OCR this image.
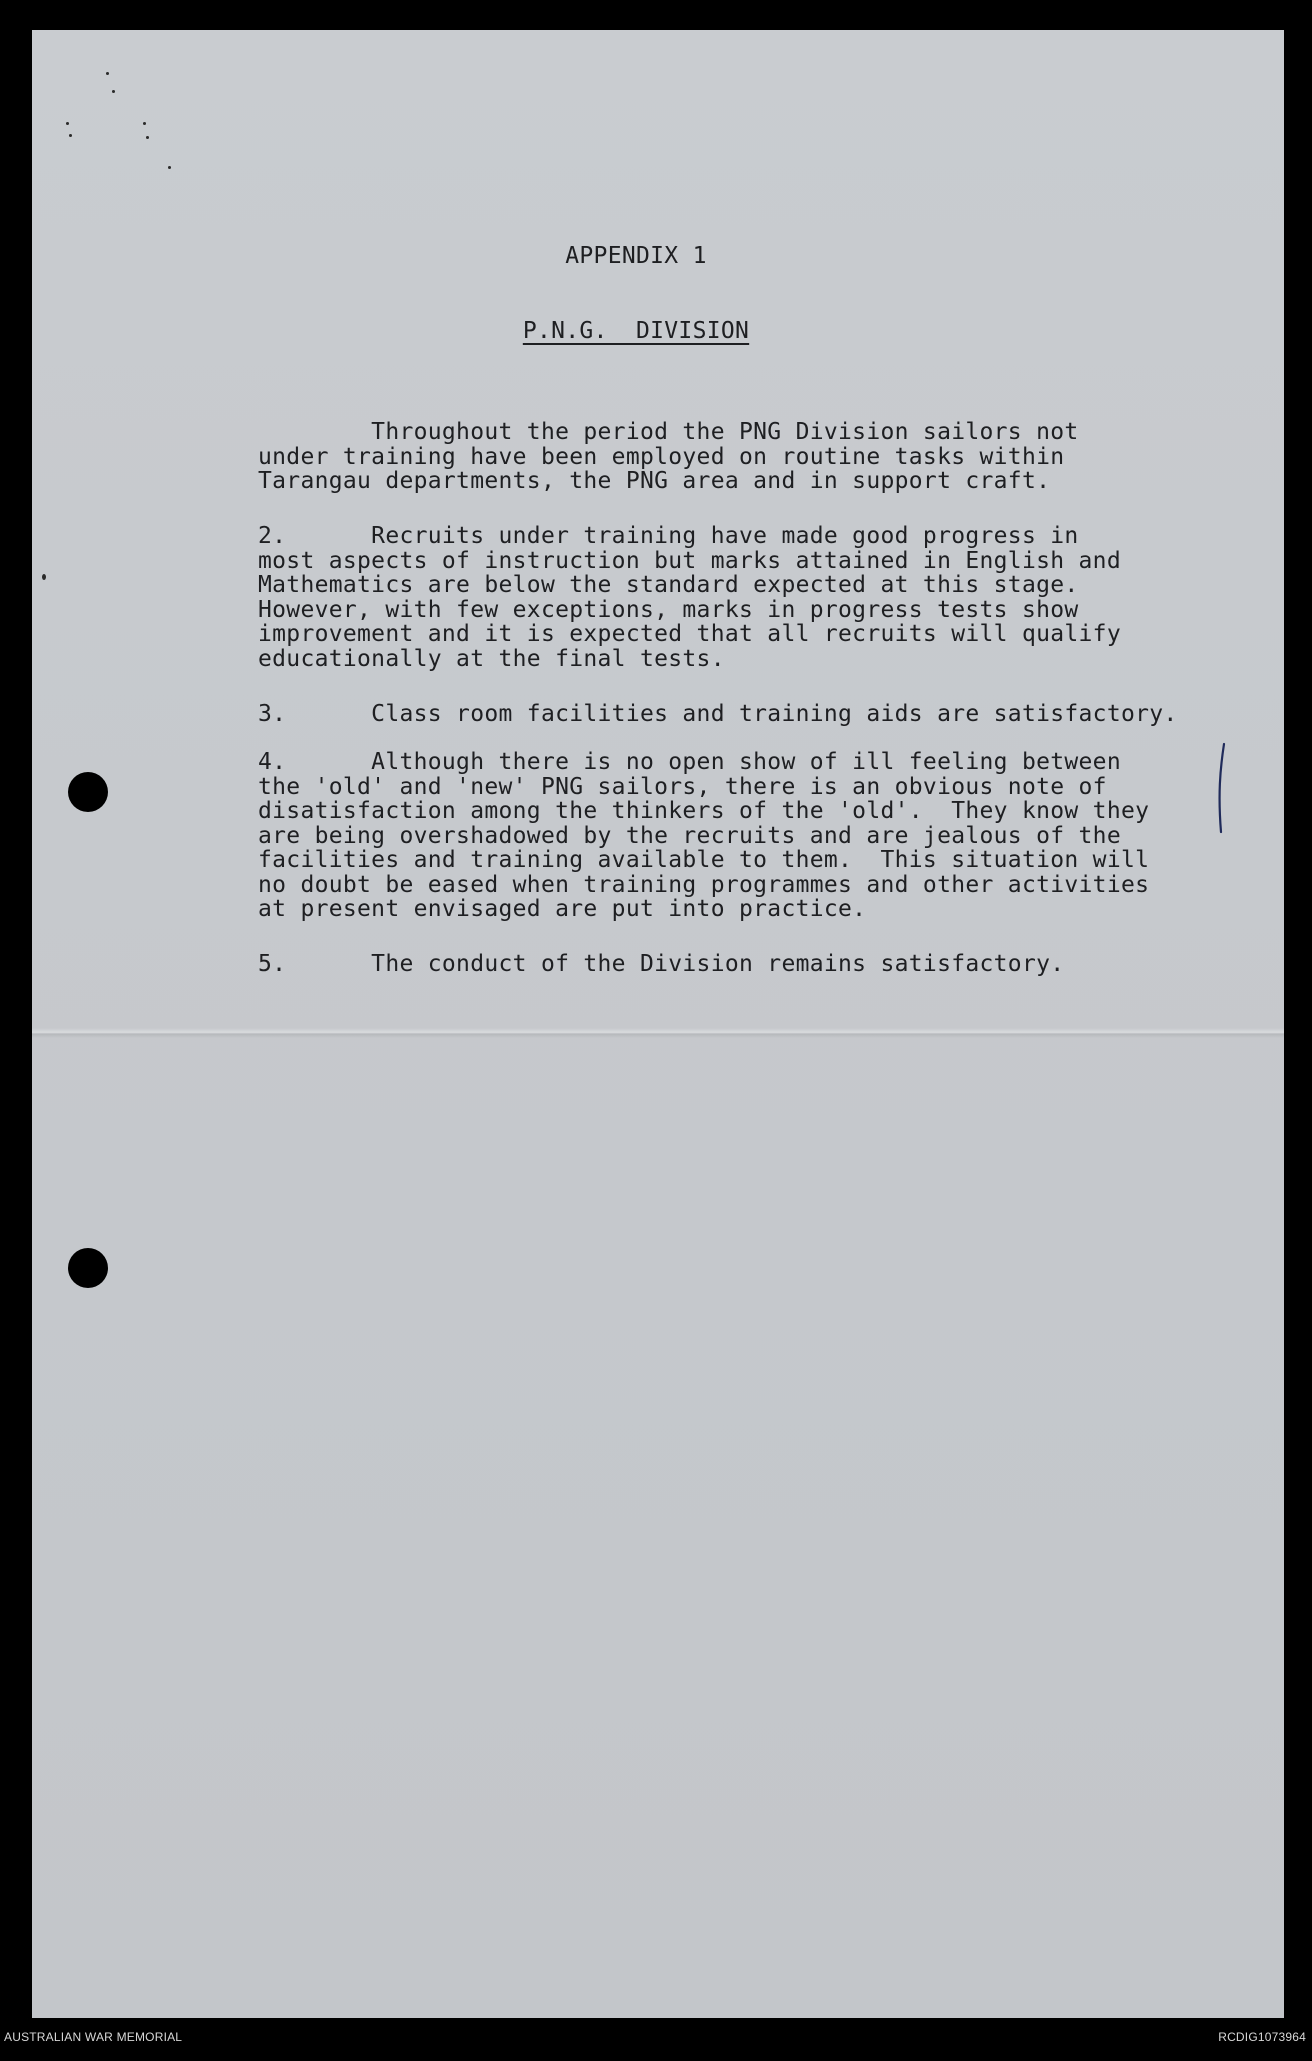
APPENDIX 1
P.N.G.  DIVISION
Throughout the period the PNG Division sailors not
under training have been employed on routine tasks within
Tarangau departments, the PNG area and in support craft.
2.      Recruits under training have made good progress in
most aspects of instruction but marks attained in English and
Mathematics are below the standard expected at this stage.
However, with few exceptions, marks in progress tests show
improvement and it is expected that all recruits will qualify
educationally at the final tests.
3.      Class room facilities and training aids are satisfactory.
4.      Although there is no open show of ill feeling between
the 'old' and 'new' PNG sailors, there is an obvious note of
disatisfaction among the thinkers of the 'old'.  They know they
are being overshadowed by the recruits and are jealous of the
facilities and training available to them.  This situation will
no doubt be eased when training programmes and other activities
at present envisaged are put into practice.
5.      The conduct of the Division remains satisfactory.
AUSTRALIAN WAR MEMORIAL	RCDIG1073964
